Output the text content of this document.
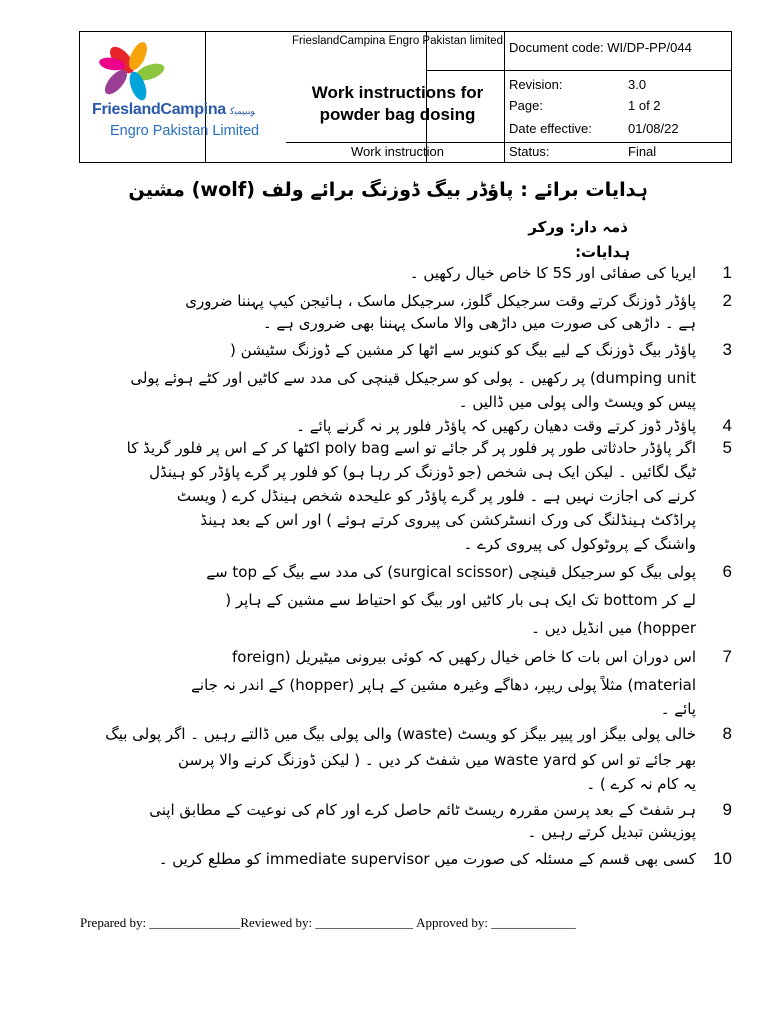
FrieslandCampina ﻮﻨﯿﭙﻤﯿﮐ
Engro Pakistan Limited
FrieslandCampina Engro Pakistan limited
Work instructions for powder bag dosing
Work instruction
Document code: WI/DP-PP/044
Revision:	3.0
Page:	1 of 2
Date effective:	01/08/22
Status:	Final
ہدایات برائے : پاؤڈر بیگ ڈوزنگ برائے ولف (wolf) مشین
ذمہ دار: ورکر
ہدایات:
1
ایریا کی صفائی اور 5S کا خاص خیال رکھیں ۔
2
پاؤڈر ڈوزنگ کرتے وقت سرجیکل گلوز، سرجیکل ماسک ، ہائیجن کیپ پہننا ضروری
ہے ۔ داڑھی کی صورت میں داڑھی والا ماسک پہننا بھی ضروری ہے ۔
3
پاؤڈر بیگ ڈوزنگ کے لیے بیگ کو کنویر سے اٹھا کر مشین کے ڈوزنگ سٹیشن (
dumping unit) پر رکھیں ۔ پولی کو سرجیکل قینچی کی مدد سے کاٹیں اور کٹے ہوئے پولی
پیس کو ویسٹ والی پولی میں ڈالیں ۔
4
پاؤڈر ڈوز کرتے وقت دھیان رکھیں کہ پاؤڈر فلور پر نہ گرنے پائے ۔
5
اگر پاؤڈر حادثاتی طور پر فلور پر گر جائے تو اسے poly bag اکٹھا کر کے اس پر فلور گریڈ کا
ٹیگ لگائیں ۔ لیکن ایک ہی شخص (جو ڈوزنگ کر رہا ہو) کو فلور پر گرے پاؤڈر کو ہینڈل
کرنے کی اجازت نہیں ہے ۔ فلور پر گرے پاؤڈر کو علیحدہ شخص ہینڈل کرے ( ویسٹ
پراڈکٹ ہینڈلنگ کی ورک انسٹرکشن کی پیروی کرتے ہوئے ) اور اس کے بعد ہینڈ
واشنگ کے پروٹوکول کی پیروی کرے ۔
6
پولی بیگ کو سرجیکل قینچی (surgical scissor) کی مدد سے بیگ کے top سے
لے کر bottom تک ایک ہی بار کاٹیں اور بیگ کو احتیاط سے مشین کے ہاپر (
hopper) میں انڈیل دیں ۔
7
اس دوران اس بات کا خاص خیال رکھیں کہ کوئی بیرونی میٹیریل (foreign
material) مثلاً پولی ریپر، دھاگے وغیرہ مشین کے ہاپر (hopper) کے اندر نہ جانے
پائے ۔
8
خالی پولی بیگز اور پیپر بیگز کو ویسٹ (waste) والی پولی بیگ میں ڈالتے رہیں ۔ اگر پولی بیگ
بھر جائے تو اس کو waste yard میں شفٹ کر دیں ۔ ( لیکن ڈوزنگ کرنے والا پرسن
یہ کام نہ کرے ) ۔
9
ہر شفٹ کے بعد پرسن مقررہ ریسٹ ٹائم حاصل کرے اور کام کی نوعیت کے مطابق اپنی
پوزیشن تبدیل کرتے رہیں ۔
10
کسی بھی قسم کے مسئلہ کی صورت میں immediate supervisor کو مطلع کریں ۔
Prepared by: ______________Reviewed by: _______________ Approved by: _____________
